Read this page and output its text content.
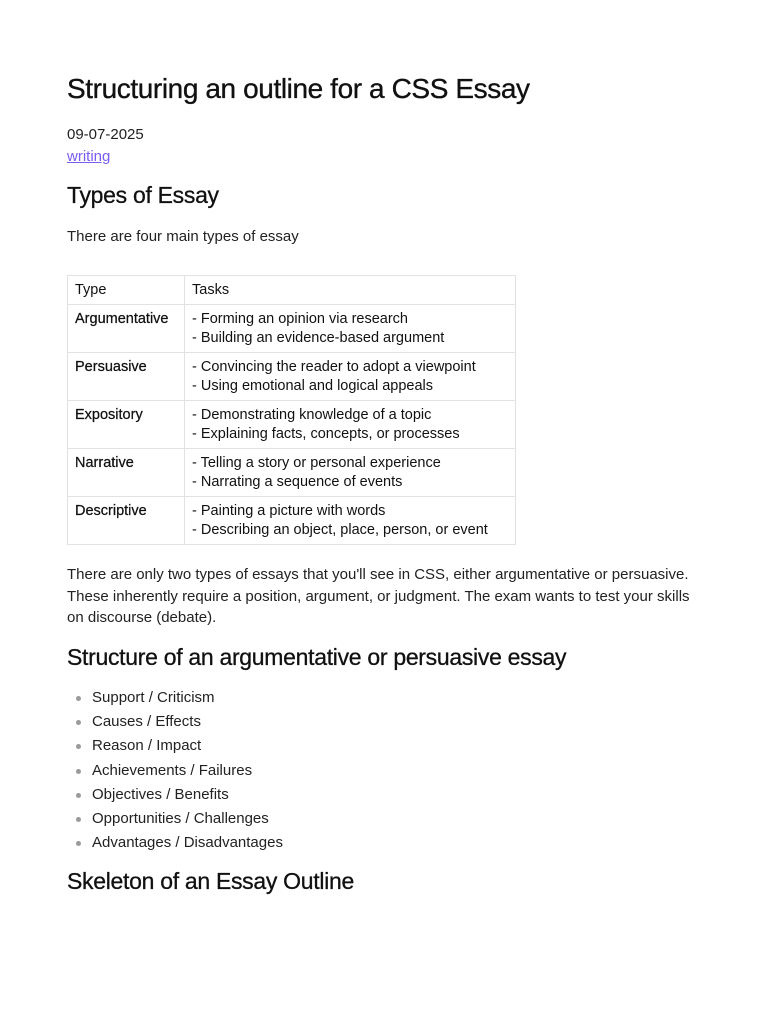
Structuring an outline for a CSS Essay
09-07-2025
writing
Types of Essay

There are four main types of essay

Type	Tasks
Argumentative	- Forming an opinion via research
- Building an evidence-based argument

Persuasive	- Convincing the reader to adopt a viewpoint
- Using emotional and logical appeals

Expository	- Demonstrating knowledge of a topic
- Explaining facts, concepts, or processes

Narrative	- Telling a story or personal experience
- Narrating a sequence of events

Descriptive	- Painting a picture with words
- Describing an object, place, person, or event

There are only two types of essays that you'll see in CSS, either argumentative or persuasive. These inherently require a position, argument, or judgment. The exam wants to test your skills on discourse (debate).

Structure of an argumentative or persuasive essay
Support / Criticism
Causes / Effects
Reason / Impact
Achievements / Failures
Objectives / Benefits
Opportunities / Challenges
Advantages / Disadvantages
Skeleton of an Essay Outline
